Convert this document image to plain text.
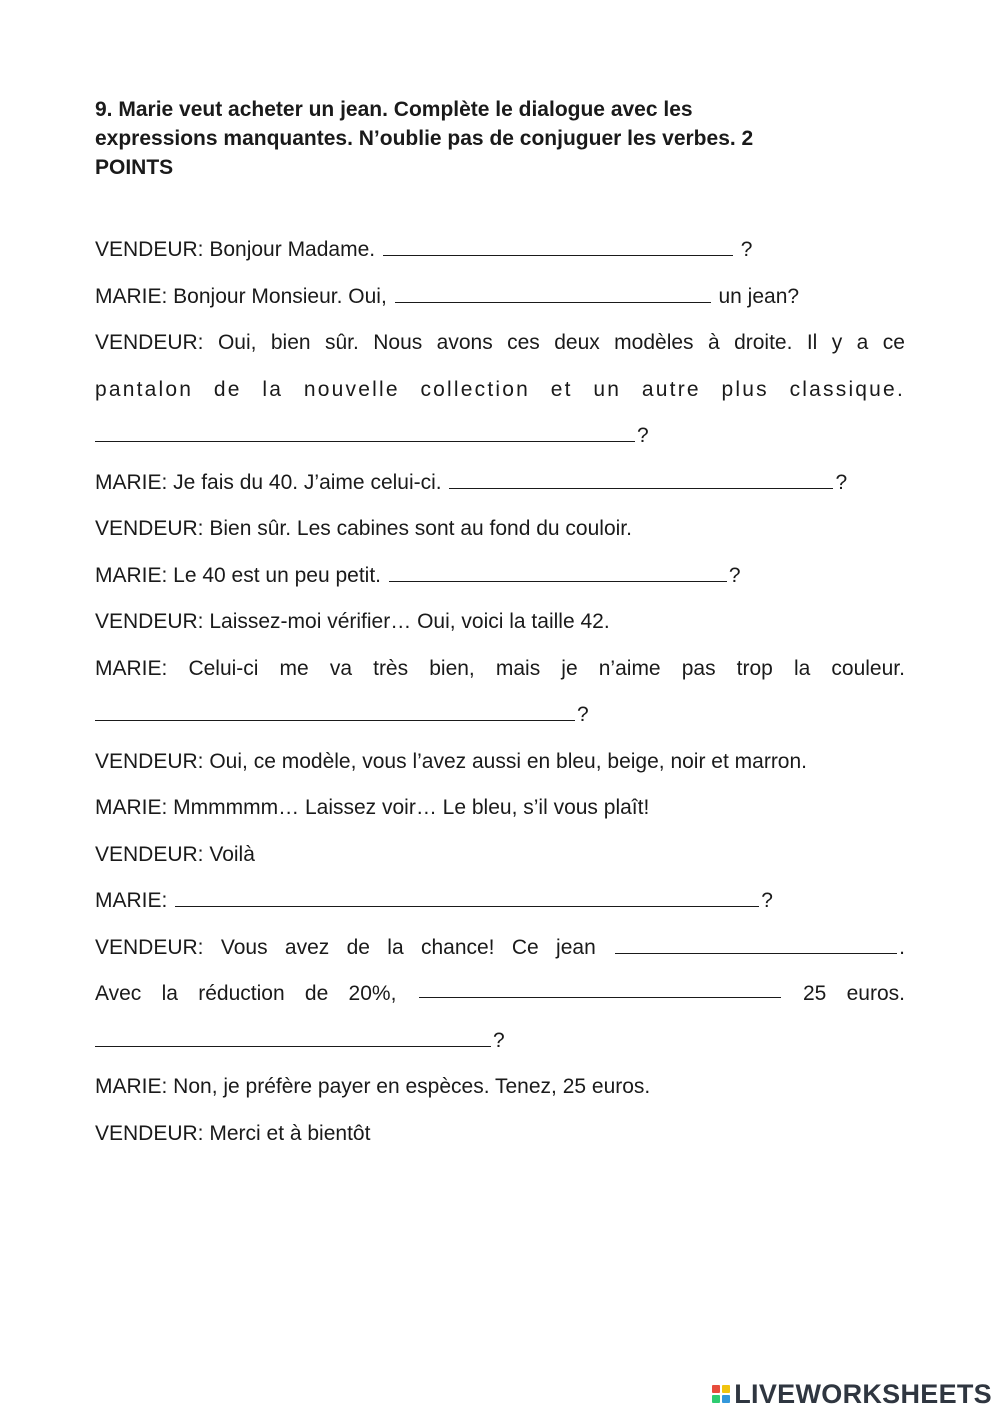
9. Marie veut acheter un jean. Complète le dialogue avec les
expressions manquantes. N’oublie pas de conjuguer les verbes. 2
POINTS
VENDEUR: Bonjour Madame.	?
MARIE: Bonjour Monsieur. Oui,	un jean?
VENDEUR: Oui, bien sûr. Nous avons ces deux modèles à droite. Il y a ce
pantalon de la nouvelle collection et un autre plus classique.
?
MARIE: Je fais du 40. J’aime celui-ci.	?
VENDEUR: Bien sûr. Les cabines sont au fond du couloir.
MARIE: Le 40 est un peu petit.	?
VENDEUR: Laissez-moi vérifier… Oui, voici la taille 42.
MARIE: Celui-ci me va très bien, mais je n’aime pas trop la couleur.
?
VENDEUR: Oui, ce modèle, vous l’avez aussi en bleu, beige, noir et marron.
MARIE: Mmmmmm… Laissez voir… Le bleu, s’il vous plaît!
VENDEUR: Voilà
MARIE:	?
VENDEUR: Vous avez de la chance! Ce jean	.
Avec la réduction de 20%,	25 euros.
?
MARIE: Non, je préfère payer en espèces. Tenez, 25 euros.
VENDEUR: Merci et à bientôt
LIVEWORKSHEETS
